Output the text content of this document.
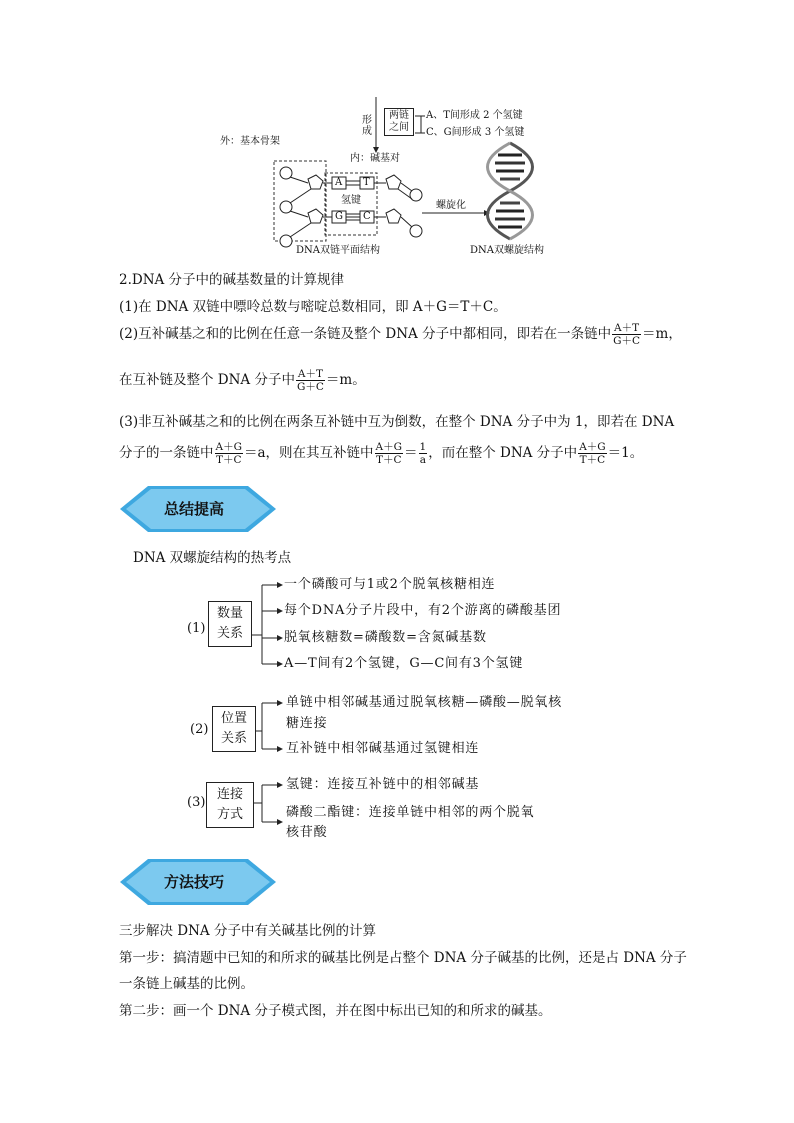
形成
两链之间
A、T间形成 2 个氢键
C、G间形成 3 个氢键
外：基本骨架
内：碱基对
A T
G C
氢键	螺旋化
DNA双链平面结构	DNA双螺旋结构
2.DNA 分子中的碱基数量的计算规律
(1)在 DNA 双链中嘌呤总数与嘧啶总数相同，即 A＋G＝T＋C。
(2)互补碱基之和的比例在任意一条链及整个 DNA 分子中都相同，即若在一条链中 $\frac{A+T}{G+C} =m$，
在互补链及整个 DNA 分子中 $\frac{A+T}{G+C} =m$。
(3)非互补碱基之和的比例在两条互补链中互为倒数，在整个 DNA 分子中为 1，即若在 DNA
分子的一条链中 $\frac{A+G}{T+C} =a$，则在其互补链中 $\frac{A+G}{T+C} = \frac{1}{a}$ ，而在整个 DNA 分子中 $\frac{A+G}{T+C} =1$。
总结提高
DNA 双螺旋结构的热考点
(1)
数量关系
一个磷酸可与1或2个脱氧核糖相连
每个DNA分子片段中，有2个游离的磷酸基团
脱氧核糖数=磷酸数=含氮碱基数
A—T间有2个氢键，G—C间有3个氢键
(2)
位置关系
单链中相邻碱基通过脱氧核糖—磷酸—脱氧核
糖连接
互补链中相邻碱基通过氢键相连
(3)
连接方式
氢键：连接互补链中的相邻碱基
磷酸二酯键：连接单链中相邻的两个脱氧
核苷酸
方法技巧
三步解决 DNA 分子中有关碱基比例的计算
第一步：搞清题中已知的和所求的碱基比例是占整个 DNA 分子碱基的比例，还是占 DNA 分子
一条链上碱基的比例。
第二步：画一个 DNA 分子模式图，并在图中标出已知的和所求的碱基。
